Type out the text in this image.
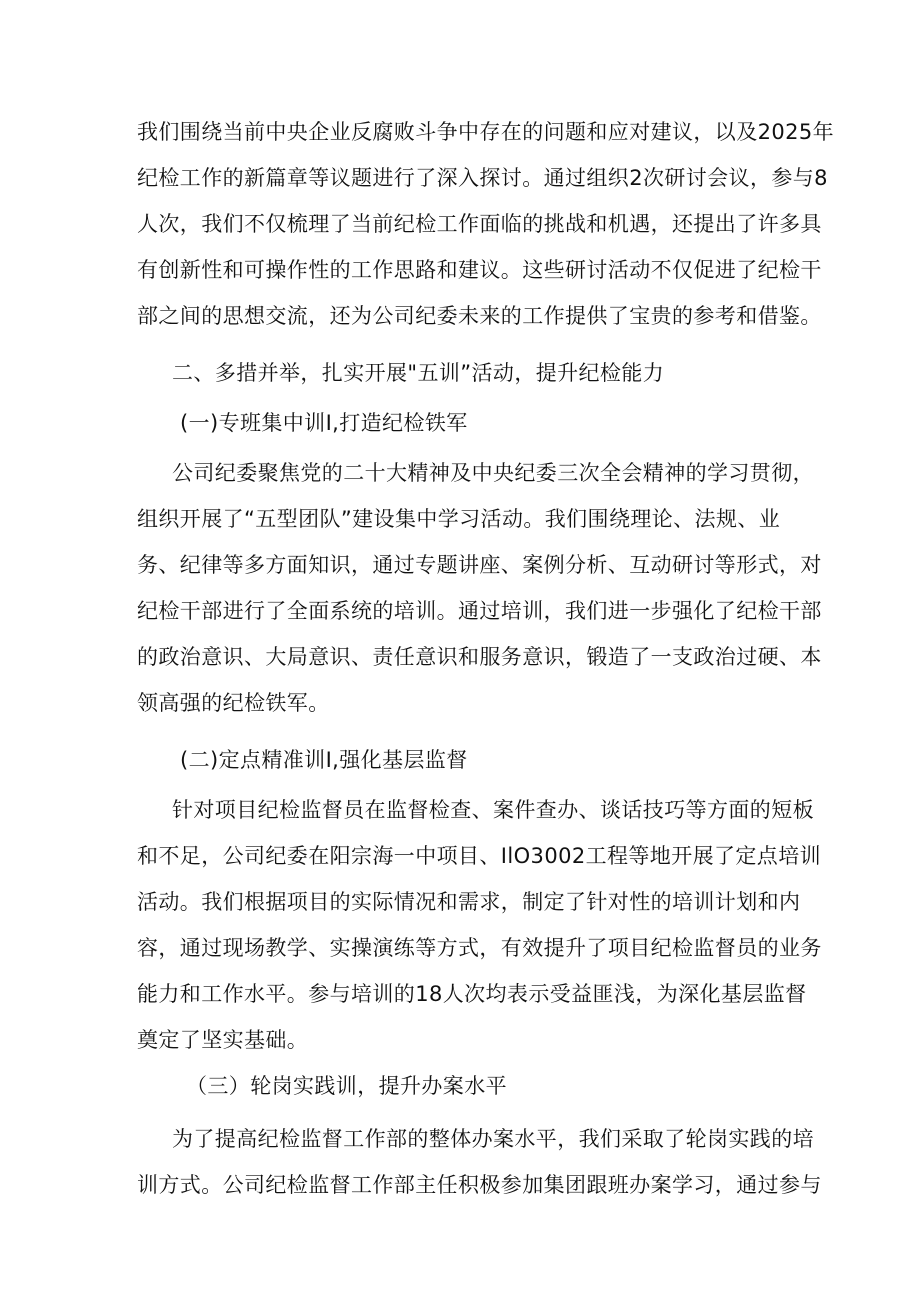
我们围绕当前中央企业反腐败斗争中存在的问题和应对建议，以及2025年
纪检工作的新篇章等议题进行了深入探讨。通过组织2次研讨会议，参与8
人次，我们不仅梳理了当前纪检工作面临的挑战和机遇，还提出了许多具
有创新性和可操作性的工作思路和建议。这些研讨活动不仅促进了纪检干
部之间的思想交流，还为公司纪委未来的工作提供了宝贵的参考和借鉴。
二、多措并举，扎实开展"五训”活动，提升纪检能力
(一)专班集中训I,打造纪检铁军
公司纪委聚焦党的二十大精神及中央纪委三次全会精神的学习贯彻，
组织开展了“五型团队”建设集中学习活动。我们围绕理论、法规、业
务、纪律等多方面知识，通过专题讲座、案例分析、互动研讨等形式，对
纪检干部进行了全面系统的培训。通过培训，我们进一步强化了纪检干部
的政治意识、大局意识、责任意识和服务意识，锻造了一支政治过硬、本
领高强的纪检铁军。
(二)定点精准训I,强化基层监督
针对项目纪检监督员在监督检查、案件查办、谈话技巧等方面的短板
和不足，公司纪委在阳宗海一中项目、IlO3002工程等地开展了定点培训
活动。我们根据项目的实际情况和需求，制定了针对性的培训计划和内
容，通过现场教学、实操演练等方式，有效提升了项目纪检监督员的业务
能力和工作水平。参与培训的18人次均表示受益匪浅，为深化基层监督
奠定了坚实基础。
（三）轮岗实践训，提升办案水平
为了提高纪检监督工作部的整体办案水平，我们采取了轮岗实践的培
训方式。公司纪检监督工作部主任积极参加集团跟班办案学习，通过参与
